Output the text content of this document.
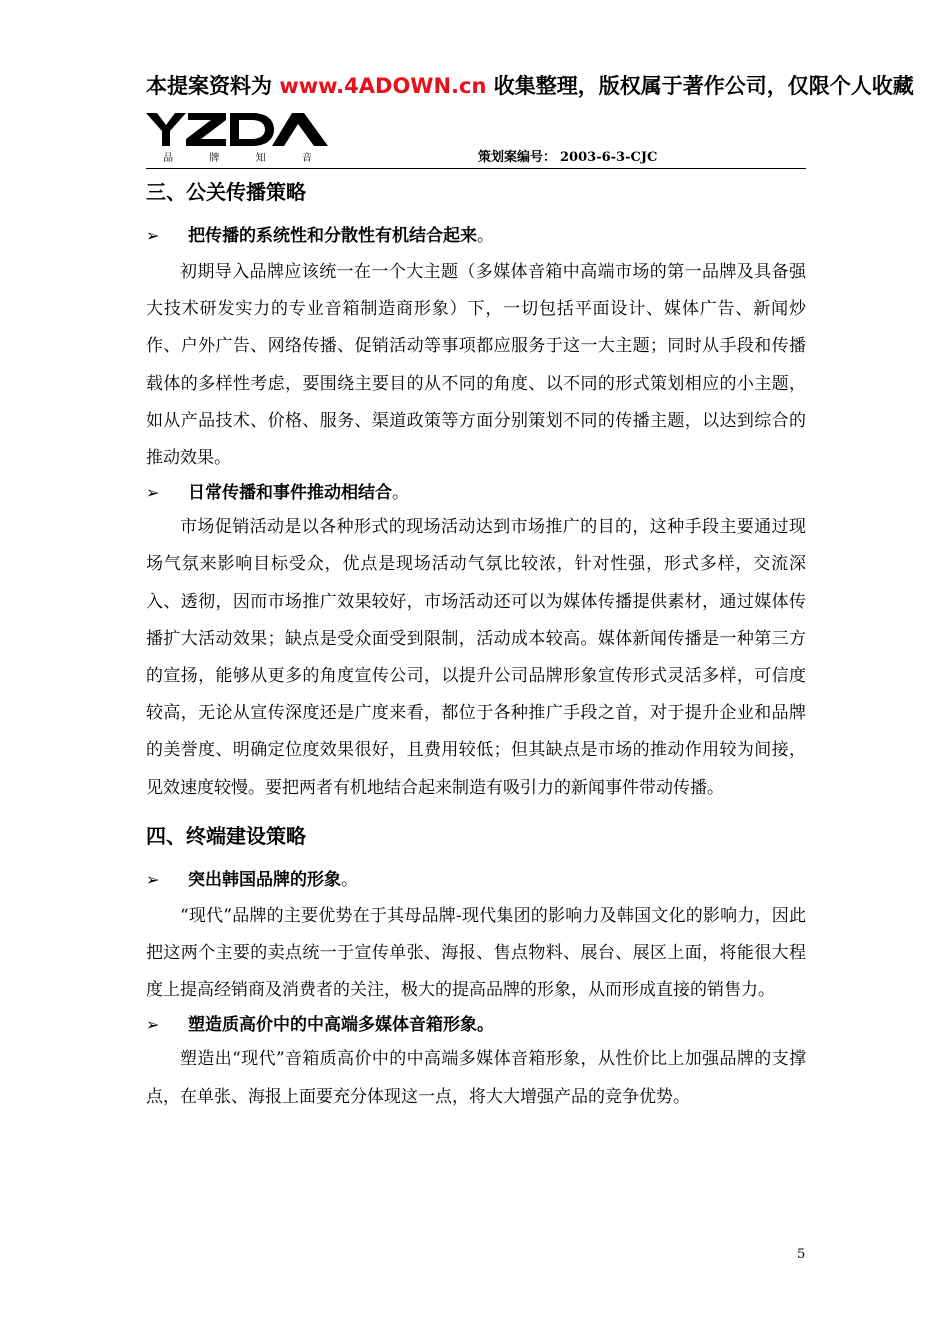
本提案资料为 www.4ADOWN.cn 收集整理，版权属于著作公司，仅限个人收藏
品	牌	知	音	策划案编号： 2003-6-3-CJC
三、公关传播策略
➢	把传播的系统性和分散性有机结合起来 。

初期导入品牌应该统一在一个大主题（多媒体音箱中高端市场的第一品牌及具备强大技术研发实力的专业音箱制造商形象）下，一切包括平面设计、媒体广告、新闻炒作、户外广告、网络传播、促销活动等事项都应服务于这一大主题；同时从手段和传播载体的多样性考虑，要围绕主要目的从不同的角度、以不同的形式策划相应的小主题，如从产品技术、价格、服务、渠道政策等方面分别策划不同的传播主题，以达到综合的推动效果。

➢	日常传播和事件推动相结合 。

市场促销活动是以各种形式的现场活动达到市场推广的目的，这种手段主要通过现场气氛来影响目标受众，优点是现场活动气氛比较浓，针对性强，形式多样，交流深入、透彻，因而市场推广效果较好，市场活动还可以为媒体传播提供素材，通过媒体传播扩大活动效果；缺点是受众面受到限制，活动成本较高。媒体新闻传播是一种第三方的宣扬，能够从更多的角度宣传公司，以提升公司品牌形象宣传形式灵活多样，可信度较高，无论从宣传深度还是广度来看，都位于各种推广手段之首，对于提升企业和品牌的美誉度、明确定位度效果很好，且费用较低；但其缺点是市场的推动作用较为间接，见效速度较慢。要把两者有机地结合起来制造有吸引力的新闻事件带动传播。

四、终端建设策略
➢	突出韩国品牌的形象 。

“现代”品牌的主要优势在于其母品牌-现代集团的影响力及韩国文化的影响力，因此把这两个主要的卖点统一于宣传单张、海报、售点物料、展台、展区上面，将能很大程度上提高经销商及消费者的关注，极大的提高品牌的形象，从而形成直接的销售力。

➢	塑造质高价中的中高端多媒体音箱形象。

塑造出“现代”音箱质高价中的中高端多媒体音箱形象，从性价比上加强品牌的支撑点，在单张、海报上面要充分体现这一点，将大大增强产品的竞争优势。

5
